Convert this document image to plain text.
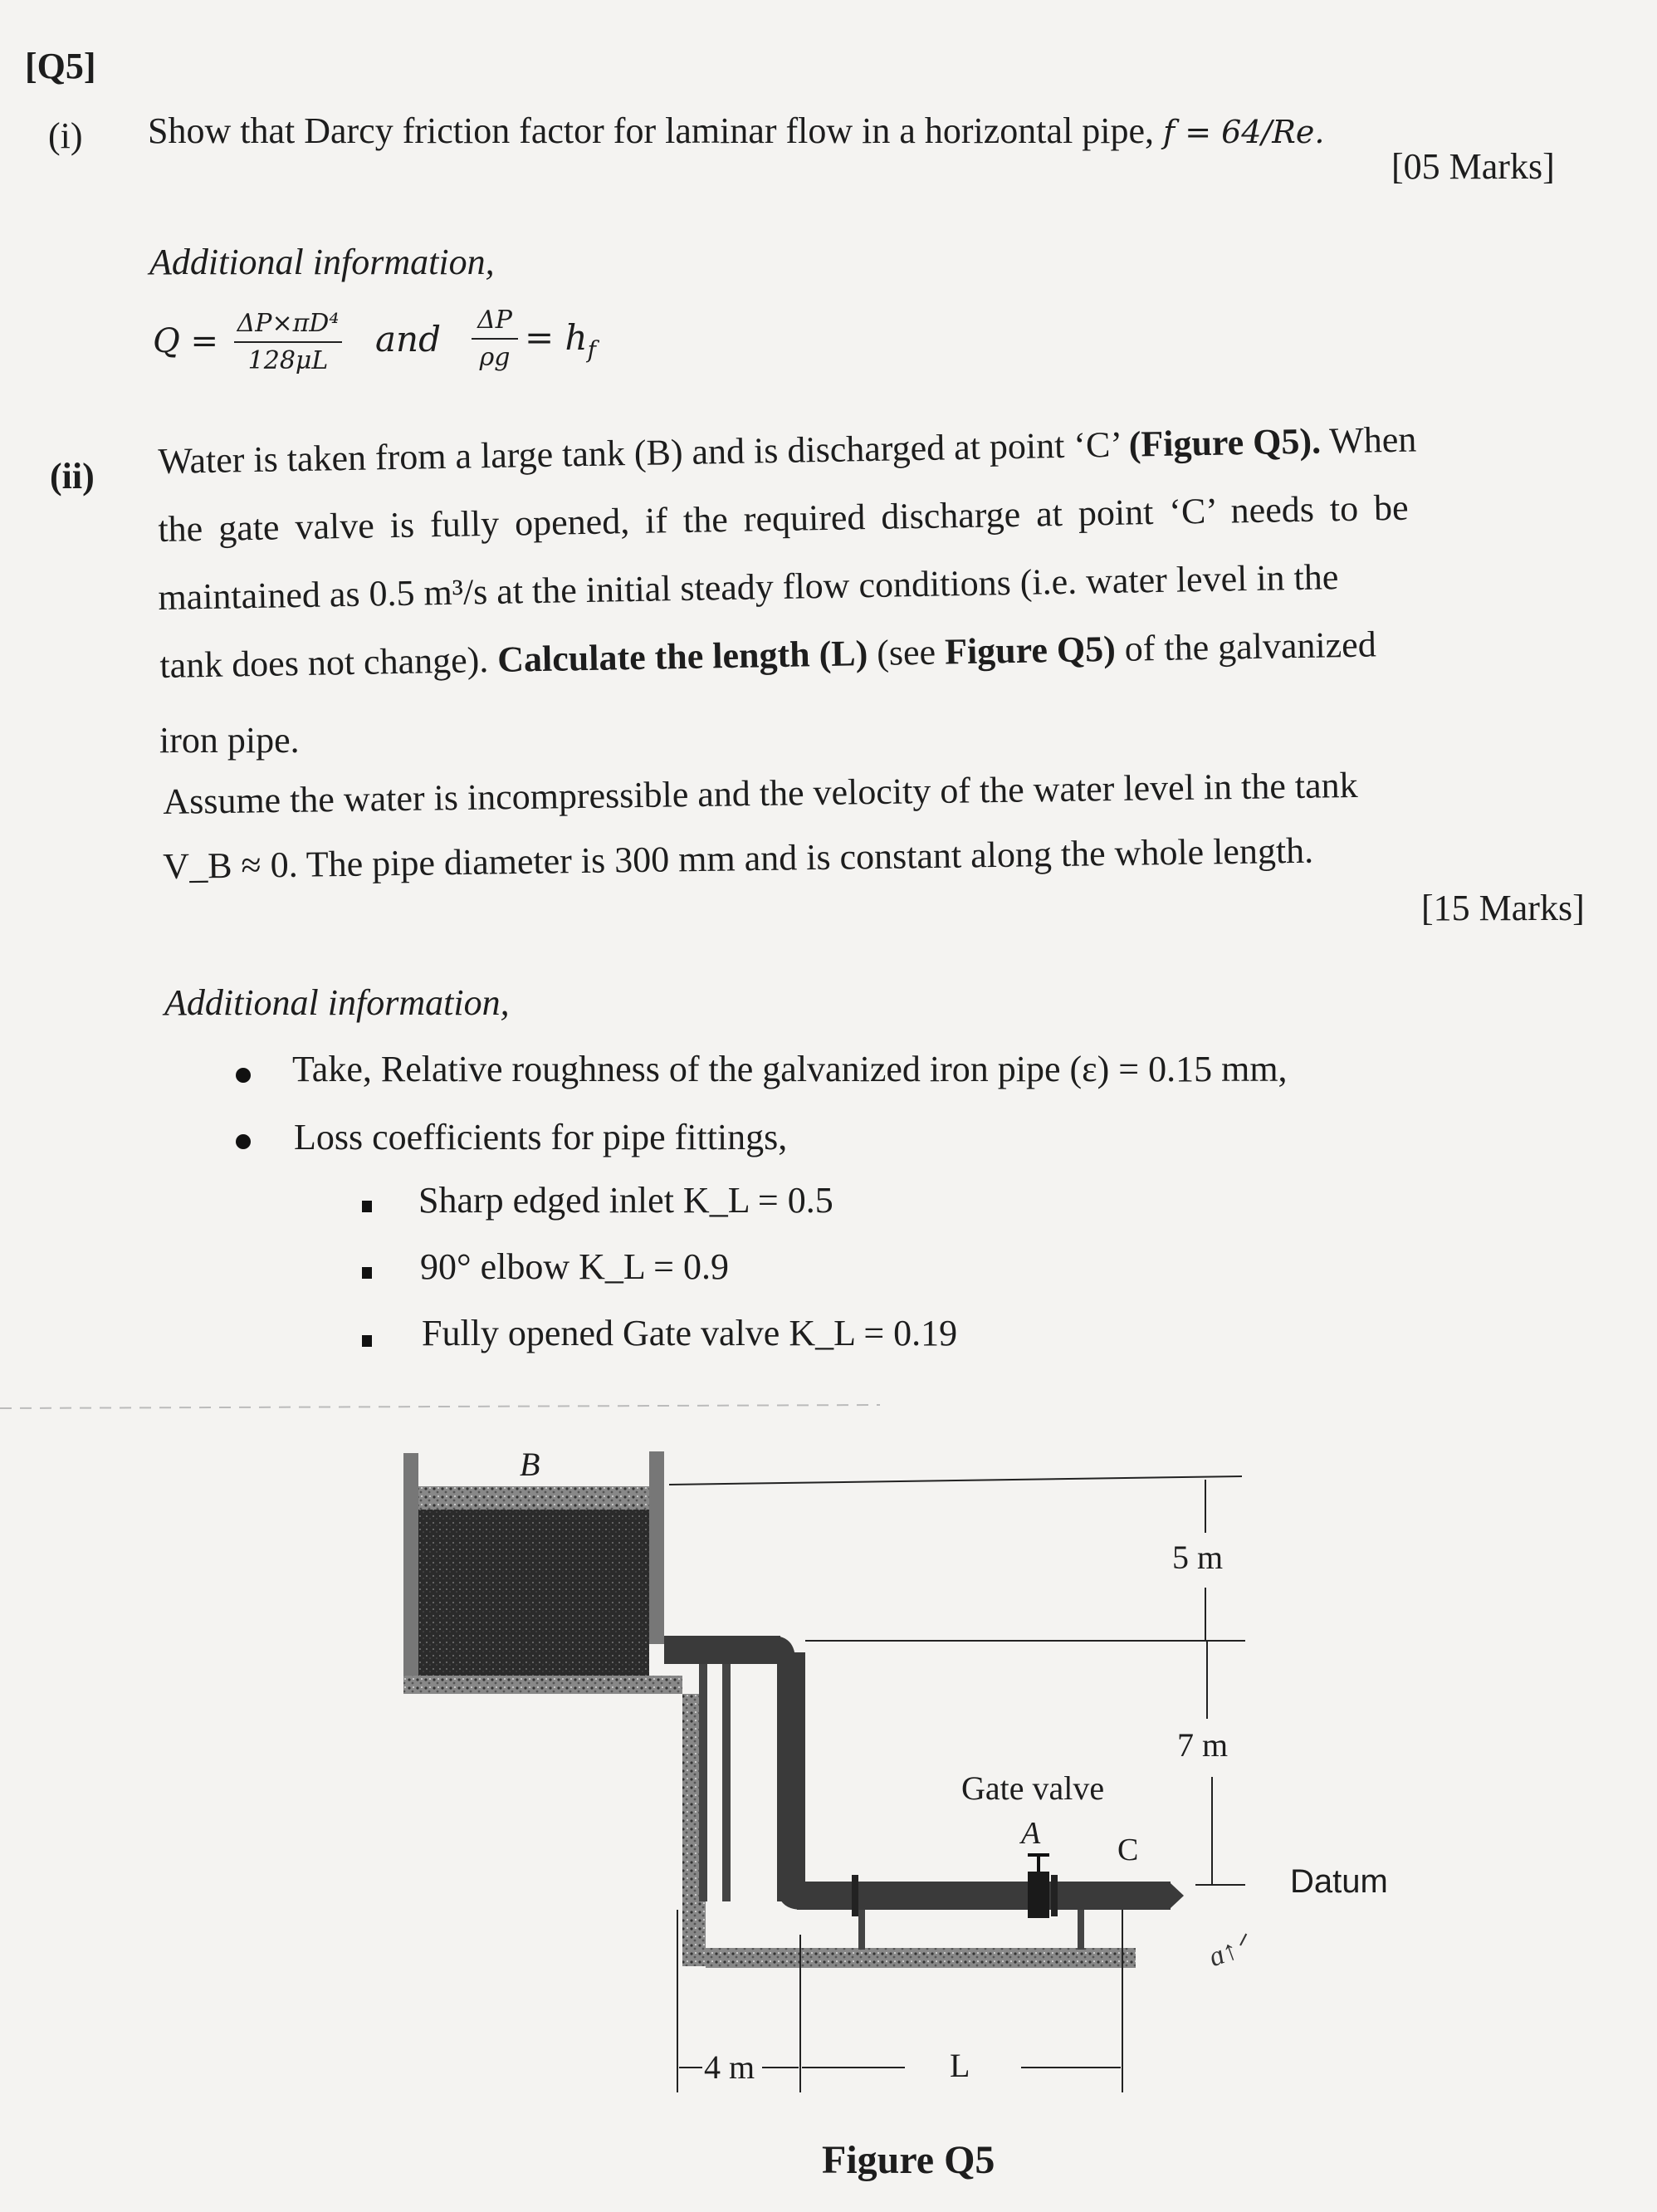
[Q5]
(i) Show that Darcy friction factor for laminar flow in a horizontal pipe, f = 64/Re.
[05 Marks]
Additional information,
Q = ΔP×πD⁴
128μL
and ΔP
$\rho g = h_f$
(ii) Water is taken from a large tank (B) and is discharged at point ‘C’ (Figure Q5). When
the gate valve is fully opened, if the required discharge at point ‘C’ needs to be
maintained as 0.5 m³/s at the initial steady flow conditions (i.e. water level in the
tank does not change). Calculate the length (L) (see Figure Q5) of the galvanized
iron pipe.
Assume the water is incompressible and the velocity of the water level in the tank
V_B ≈ 0. The pipe diameter is 300 mm and is constant along the whole length.
[15 Marks]
Additional information,
Take, Relative roughness of the galvanized iron pipe (ε) = 0.15 mm,
Loss coefficients for pipe fittings,
Sharp edged inlet K_L = 0.5
90° elbow K_L = 0.9
Fully opened Gate valve K_L = 0.19
B
5 m
7 m
Gate valve
A C
Datum
ɑ↑ᐟ
4 m	L
Figure Q5
